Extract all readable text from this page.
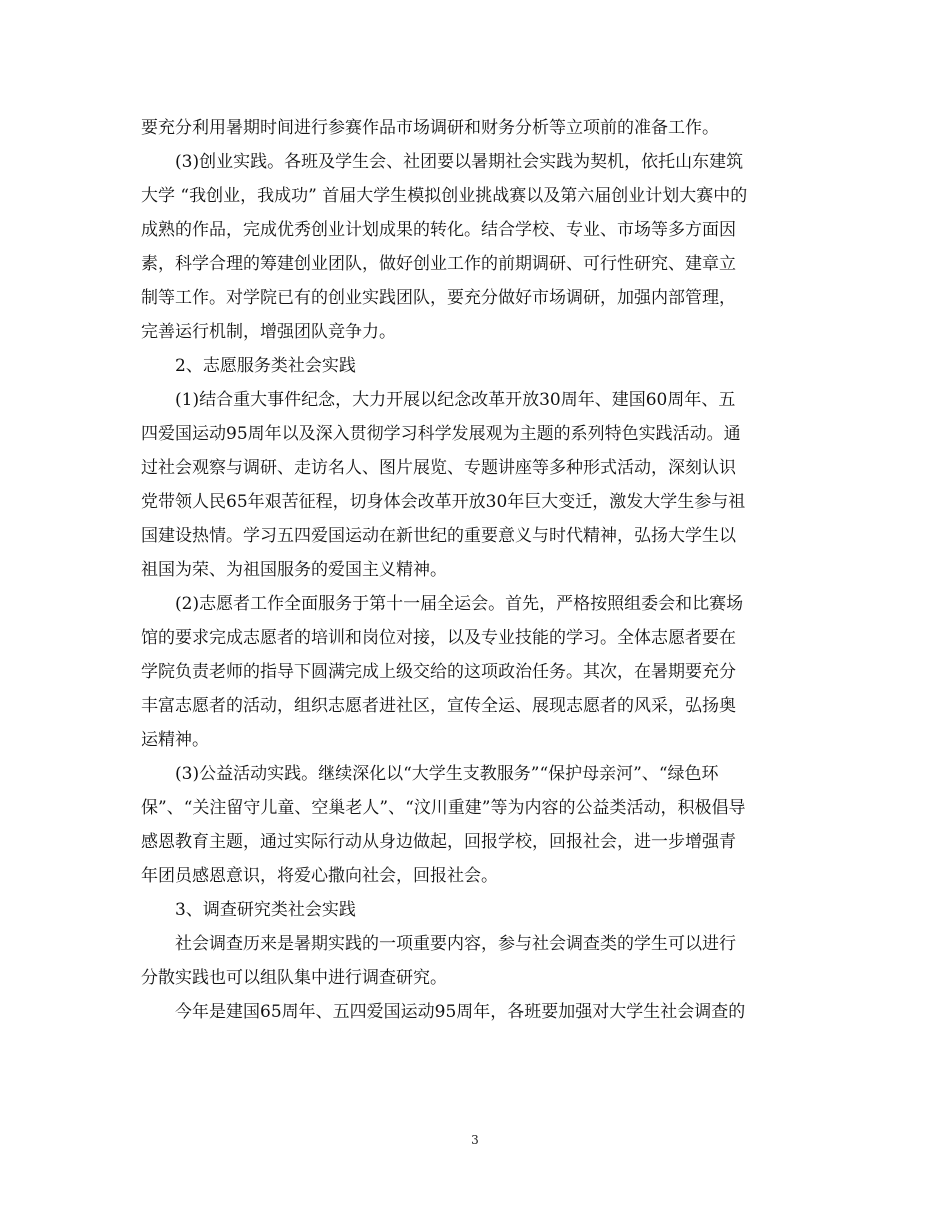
要充分利用暑期时间进行参赛作品市场调研和财务分析等立项前的准备工作。
(3)创业实践。各班及学生会、社团要以暑期社会实践为契机，依托山东建筑
大学 “我创业，我成功” 首届大学生模拟创业挑战赛以及第六届创业计划大赛中的
成熟的作品，完成优秀创业计划成果的转化。结合学校、专业、市场等多方面因
素，科学合理的筹建创业团队，做好创业工作的前期调研、可行性研究、建章立
制等工作。对学院已有的创业实践团队，要充分做好市场调研，加强内部管理，
完善运行机制，增强团队竞争力。
2、志愿服务类社会实践
(1)结合重大事件纪念，大力开展以纪念改革开放30周年、建国60周年、五
四爱国运动95周年以及深入贯彻学习科学发展观为主题的系列特色实践活动。通
过社会观察与调研、走访名人、图片展览、专题讲座等多种形式活动，深刻认识
党带领人民65年艰苦征程，切身体会改革开放30年巨大变迁，激发大学生参与祖
国建设热情。学习五四爱国运动在新世纪的重要意义与时代精神，弘扬大学生以
祖国为荣、为祖国服务的爱国主义精神。
(2)志愿者工作全面服务于第十一届全运会。首先，严格按照组委会和比赛场
馆的要求完成志愿者的培训和岗位对接，以及专业技能的学习。全体志愿者要在
学院负责老师的指导下圆满完成上级交给的这项政治任务。其次，在暑期要充分
丰富志愿者的活动，组织志愿者进社区，宣传全运、展现志愿者的风采，弘扬奥
运精神。
(3)公益活动实践。继续深化以“大学生支教服务”“保护母亲河”、“绿色环
保”、“关注留守儿童、空巢老人”、“汶川重建”等为内容的公益类活动，积极倡导
感恩教育主题，通过实际行动从身边做起，回报学校，回报社会，进一步增强青
年团员感恩意识，将爱心撒向社会，回报社会。
3、调查研究类社会实践
社会调查历来是暑期实践的一项重要内容，参与社会调查类的学生可以进行
分散实践也可以组队集中进行调查研究。
今年是建国65周年、五四爱国运动95周年，各班要加强对大学生社会调查的
3
